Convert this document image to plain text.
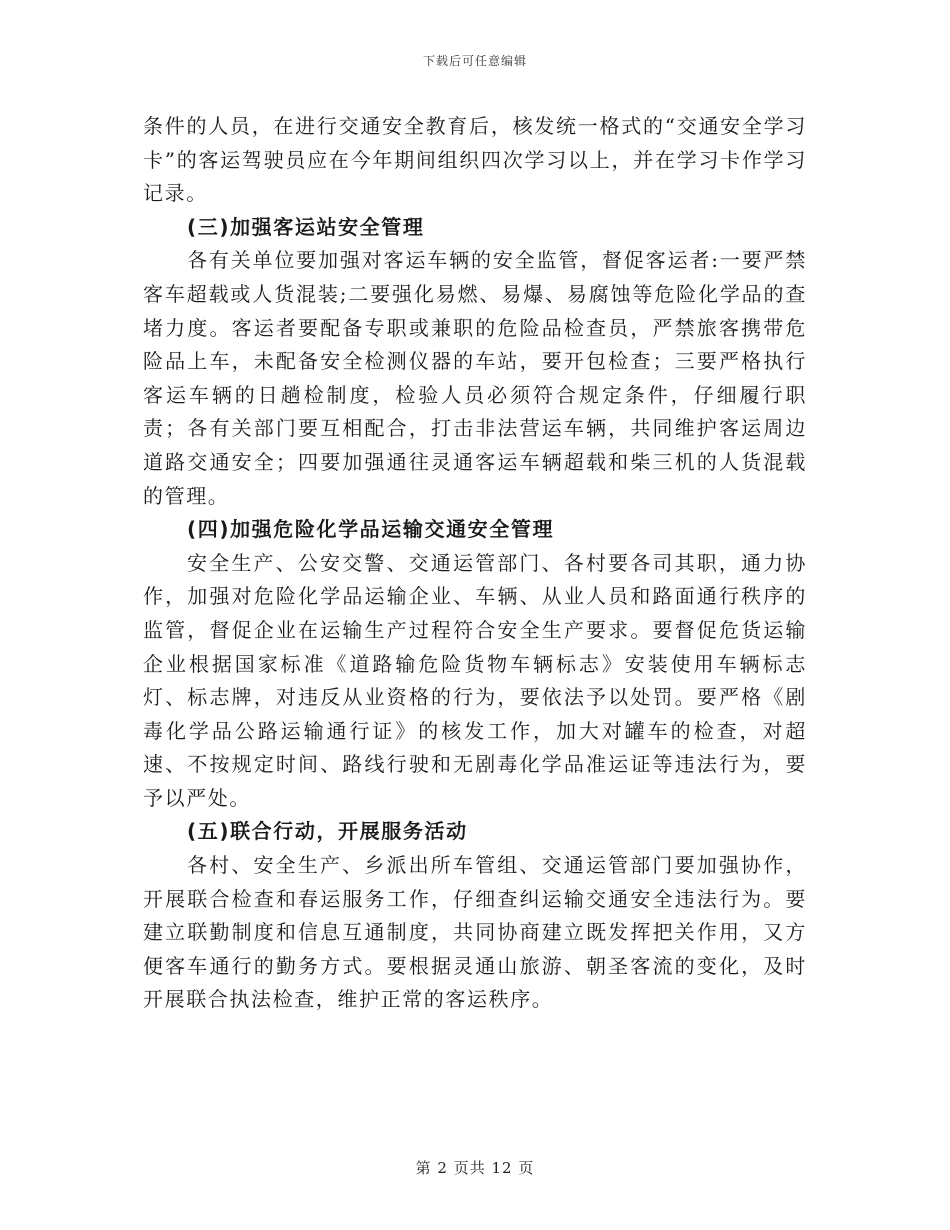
下载后可任意编辑

条件的人员，在进行交通安全教育后，核发统一格式的“交通安全学习卡”的客运驾驶员应在今年期间组织四次学习以上，并在学习卡作学习记录。

(三)加强客运站安全管理

各有关单位要加强对客运车辆的安全监管，督促客运者:一要严禁客车超载或人货混装;二要强化易燃、易爆、易腐蚀等危险化学品的查堵力度。客运者要配备专职或兼职的危险品检查员，严禁旅客携带危险品上车，未配备安全检测仪器的车站，要开包检查；三要严格执行客运车辆的日趟检制度，检验人员必须符合规定条件，仔细履行职责；各有关部门要互相配合，打击非法营运车辆，共同维护客运周边道路交通安全；四要加强通往灵通客运车辆超载和柴三机的人货混载的管理。

(四)加强危险化学品运输交通安全管理

安全生产、公安交警、交通运管部门、各村要各司其职，通力协作，加强对危险化学品运输企业、车辆、从业人员和路面通行秩序的监管，督促企业在运输生产过程符合安全生产要求。要督促危货运输企业根据国家标准《道路输危险货物车辆标志》安装使用车辆标志灯、标志牌，对违反从业资格的行为，要依法予以处罚。要严格《剧毒化学品公路运输通行证》的核发工作，加大对罐车的检查，对超速、不按规定时间、路线行驶和无剧毒化学品准运证等违法行为，要予以严处。

(五)联合行动，开展服务活动

各村、安全生产、乡派出所车管组、交通运管部门要加强协作，开展联合检查和春运服务工作，仔细查纠运输交通安全违法行为。要建立联勤制度和信息互通制度，共同协商建立既发挥把关作用，又方便客车通行的勤务方式。要根据灵通山旅游、朝圣客流的变化，及时开展联合执法检查，维护正常的客运秩序。

第 2 页共 12 页
